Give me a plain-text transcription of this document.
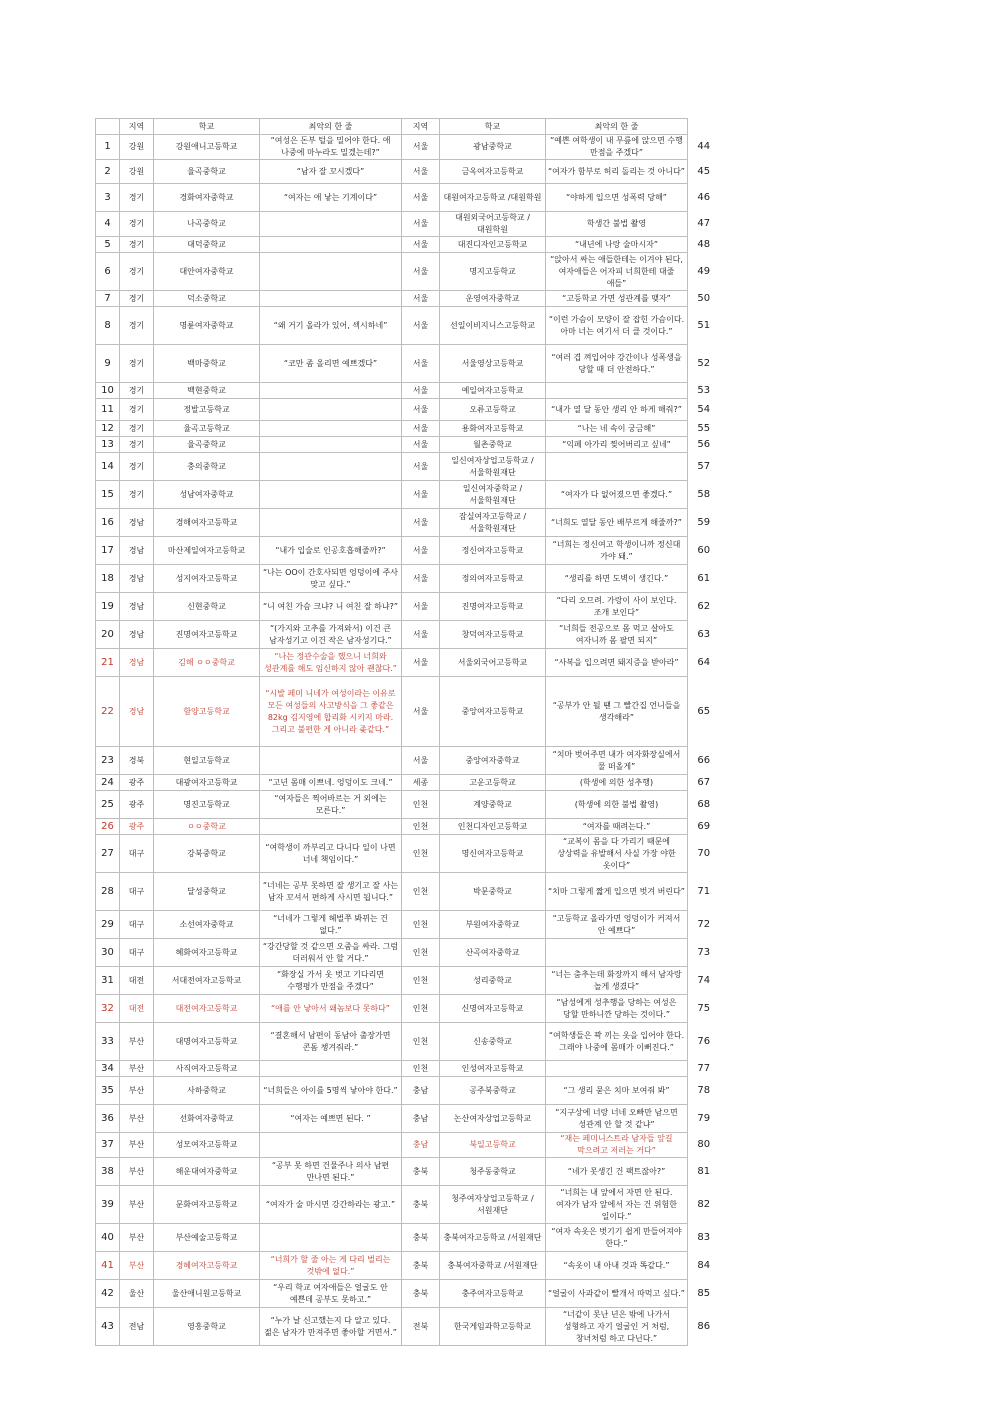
	지역	학교	최악의 한 줄	지역	학교	최악의 한 줄	
1	강원	강원애니고등학교	“여성은 돈부 털을 밀어야 한다. 애 나중에 마누라도 밀겠는데?”	서울	광남중학교	“예쁜 여학생이 내 무릎에 앉으면 수행 만점을 주겠다”	44
2	강원	율곡중학교	“남자 잘 꼬시겠다”	서울	금옥여자고등학교	“여자가 함부로 허리 돌리는 것 아니다”	45
3	경기	경화여자중학교	“여자는 애 낳는 기계이다”	서울	대원여자고등학교 /대원학원	“야하게 입으면 성폭력 당해”	46
4	경기	나곡중학교		서울	대원외국어고등학교 /대원학원	학생간 불법 촬영	47
5	경기	대덕중학교		서울	대진디자인고등학교	“내년에 나랑 술마시자”	48
6	경기	대안여자중학교		서울	명지고등학교	“앉아서 싸는 애들한테는 이겨야 된다, 여자애들은 어자피 너희한테 대줄 애들”	49
7	경기	덕소중학교		서울	운영여자중학교	“고등학교 가면 성관계를 맺자”	50
8	경기	명륜여자중학교	“왜 거기 올라가 있어, 섹시하네”	서울	선일이비지니스고등학교	“이런 가슴이 모양이 잘 잡힌 가슴이다. 아마 너는 여기서 더 클 것이다.”	51
9	경기	백마중학교	“코만 좀 올리면 예쁘겠다”	서울	서울영상고등학교	“여러 겹 껴입어야 강간이나 성폭생을 당할 때 더 안전하다.”	52
10	경기	백현중학교		서울	예일여자고등학교		53
11	경기	정발고등학교		서울	오류고등학교	“내가 열 달 동안 생리 안 하게 해줘?”	54
12	경기	율곡고등학교		서울	용화여자고등학교	“나는 네 속이 궁금해”	55
13	경기	율곡중학교		서울	월촌중학교	“익페 아가리 찢어버리고 싶네”	56
14	경기	충의중학교		서울	일신여자상업고등학교 /서울학원재단		57
15	경기	성남여자중학교		서울	일신여자중학교 /서울학원재단	“여자가 다 없어졌으면 좋겠다.”	58
16	경남	경해여자고등학교		서울	잠실여자고등학교 /서울학원재단	“너희도 열달 동안 배부르게 해줄까?”	59
17	경남	마산제일여자고등학교	“내가 입술로 인공호흡해줄까?”	서울	정신여자고등학교	“너희는 정신여고 학생이니까 정신대 가야 돼.”	60
18	경남	성지여자고등학교	“나는 OO이 간호사되면 엉덩이에 주사 맞고 싶다.”	서울	정의여자고등학교	“생리를 하면 도벽이 생긴다.”	61
19	경남	신현중학교	“니 여친 가슴 크냐? 니 여친 잘 하냐?”	서울	진명여자고등학교	“다리 오므려. 가랑이 사이 보인다. 조개 보인다”	62
20	경남	진명여자고등학교	“(가지와 고추를 가져와서) 이건 큰 남자성기고 이건 작은 남자성기다.”	서울	창덕여자고등학교	“너희들 전공으로 몸 먹고 살아도 여자니까 몸 팔면 되지”	63
21	경남	김해 ㅇㅇ중학교	“나는 정관수술을 했으니 너희와 성관계를 해도 임신하지 않아 괜찮다.”	서울	서울외국어고등학교	“사복을 입으려면 돼지증을 받아라”	64
22	경남	함양고등학교	“시발 페미 니네가 여성이라는 이유로 모든 여성들의 사고방식을 그 좋같은 82kg 김지영에 합리화 시키지 마라. 그리고 불편한 게 아니라 좆같다.”	서울	중앙여자고등학교	“공부가 안 될 땐 그 빨간집 언니들을 생각해라”	65
23	경북	현일고등학교		서울	중앙여자중학교	“치마 벗어주면 내가 여자화장실에서 물 떠올게”	66
24	광주	대광여자고등학교	“고년 몸매 이쁘네. 엉덩이도 크네.”	세종	고운고등학교	(학생에 의한 성추행)	67
25	광주	명진고등학교	“여자들은 찍어바르는 거 외에는 모른다.”	인천	계양중학교	(학생에 의한 불법 촬영)	68
26	광주	ㅇㅇ중학교		인천	인천디자인고등학교	“여자를 때려는다.”	69
27	대구	강북중학교	“여학생이 까부리고 다니다 일이 나면 너네 책임이다.”	인천	명신여자고등학교	“교복이 몸을 다 가리기 때문에 상상력을 유발해서 사실 가장 야한 옷이다”	70
28	대구	달성중학교	“너네는 공부 못하면 잘 생기고 잘 사는 남자 꼬셔서 편하게 사시면 됩니다.”	인천	박문중학교	“치마 그렇게 짧게 입으면 벗겨 버린다”	71
29	대구	소선여자중학교	“너네가 그렇게 헤벌쭈 봐뀌는 건 없다.”	인천	부원여자중학교	“고등학교 올라가면 엉덩이가 커져서 안 예쁘다”	72
30	대구	혜화여자고등학교	“강간당할 것 같으면 오줌을 싸라. 그럼 더러워서 안 할 거다.”	인천	산곡여자중학교		73
31	대전	서대전여자고등학교	“화장실 가서 옷 벗고 기다리면 수행평가 만점을 주겠다”	인천	성리중학교	“너는 춤추는데 화장까지 해서 남자랑 놀게 생겼다”	74
32	대전	대전여자고등학교	“애를 안 낳아서 왜놈보다 못하다”	인천	신명여자고등학교	“남성에게 성추행을 당하는 여성은 당할 만하니깐 당하는 것이다.”	75
33	부산	대명여자고등학교	“결혼해서 남편이 동남아 출장가면 콘돔 챙겨줘라.”	인천	신송중학교	“여학생들은 꽉 끼는 옷을 입어야 한다. 그래야 나중에 몸매가 이뻐진다.”	76
34	부산	사직여자고등학교		인천	인성여자고등학교		77
35	부산	사하중학교	“너희들은 아이를 5명씩 낳아야 한다.”	충남	공주북중학교	“그 생리 묻은 치마 보여줘 봐”	78
36	부산	선화여자중학교	“여자는 예쁘면 된다. ”	충남	논산여자상업고등학교	“지구상에 너랑 너네 오빠만 남으면 성관계 안 할 것 같냐”	79
37	부산	성모여자고등학교		충남	북일고등학교	“재는 페미니스트라 남자들 앞길 막으려고 저러는 거다”	80
38	부산	해운대여자중학교	“공부 못 하면 건물주나 의사 남편 만나면 된다.”	충북	청주동중학교	“네가 못생긴 건 팩트잖아?”	81
39	부산	문화여자고등학교	“여자가 술 마시면 강간하라는 광고.”	충북	청주여자상업고등학교 /서원재단	“너희는 내 앞에서 자면 안 된다. 여자가 남자 앞에서 자는 건 위험한 일이다.”	82
40	부산	부산예술고등학교		충북	충북여자고등학교 /서원재단	“여자 속옷은 벗기기 쉽게 만들어져야 한다.”	83
41	부산	경혜여자고등학교	“너희가 할 줄 아는 게 다리 벌리는 것밖에 없다.”	충북	충북여자중학교 /서원재단	“속옷이 내 아내 것과 똑같다.”	84
42	울산	울산애니원고등학교	“우리 학교 여자애들은 얼굴도 안 예쁜데 공부도 못하고.”	충북	충주여자고등학교	“얼굴이 사과같이 빨개서 따먹고 싶다.”	85
43	전남	영흥중학교	“누가 날 신고했는지 다 알고 있다. 젊은 남자가 만져주면 좋아할 거면서.”	전북	한국게임과학고등학교	“너같이 못난 년은 밖에 나가서 성형하고 자기 얼굴인 거 처럼, 창녀처럼 하고 다닌다.”	86
